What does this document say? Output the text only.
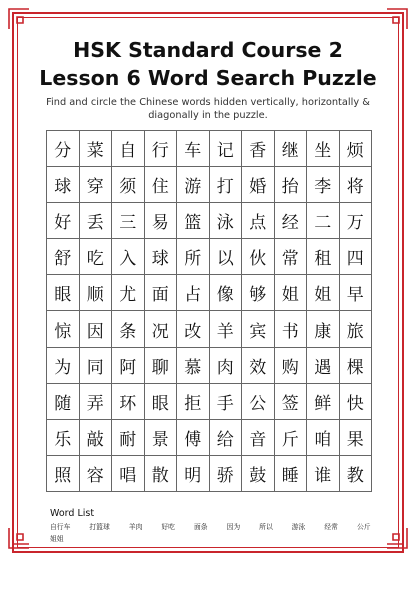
HSK Standard Course 2
Lesson 6 Word Search Puzzle
Find and circle the Chinese words hidden vertically, horizontally & diagonally in the puzzle.
分 菜 自 行 车 记 香 继 坐 烦
球 穿 须 住 游 打 婚 抬 李 将
好 丢 三 易 篮 泳 点 经 二 万
舒 吃 入 球 所 以 伙 常 租 四
眼 顺 尤 面 占 像 够 姐 姐 早
惊 因 条 况 改 羊 宾 书 康 旅
为 同 阿 聊 慕 肉 效 购 遇 棵
随 弄 环 眼 拒 手 公 签 鲜 快
乐 敲 耐 景 傅 给 音 斤 咱 果
照 容 唱 散 明 骄 鼓 睡 谁 教
Word List
自行车	打篮球	羊肉	好吃	面条	因为	所以	游泳	经常	公斤姐姐
